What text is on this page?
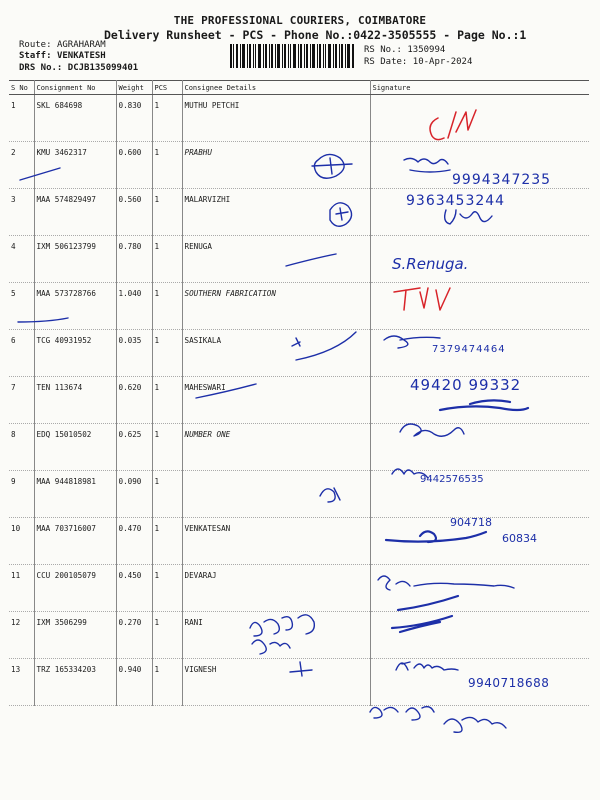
THE PROFESSIONAL COURIERS, COIMBATORE
Delivery Runsheet - PCS - Phone No.:0422-3505555 - Page No.:1
Route: AGRAHARAM
Staff: VENKATESH
DRS No.: DCJB135099401
RS No.: 1350994
RS Date: 10-Apr-2024
S No	Consignment No	Weight	PCS	Consignee Details	Signature
1	SKL 684698	0.830	1	MUTHU PETCHI	
2	KMU 3462317	0.600	1	PRABHU	
3	MAA 574829497	0.560	1	MALARVIZHI	
4	IXM 506123799	0.780	1	RENUGA	
5	MAA 573728766	1.040	1	SOUTHERN FABRICATION	
6	TCG 40931952	0.035	1	SASIKALA	
7	TEN 113674	0.620	1	MAHESWARI	
8	EDQ 15010502	0.625	1	NUMBER ONE	
9	MAA 944818981	0.090	1		
10	MAA 703716007	0.470	1	VENKATESAN	
11	CCU 200105079	0.450	1	DEVARAJ	
12	IXM 3506299	0.270	1	RANI	
13	TRZ 165334203	0.940	1	VIGNESH	
9994347235
9363453244
S.Renuga.
7379474464
49420 99332
9442576535
904718
60834
9940718688
